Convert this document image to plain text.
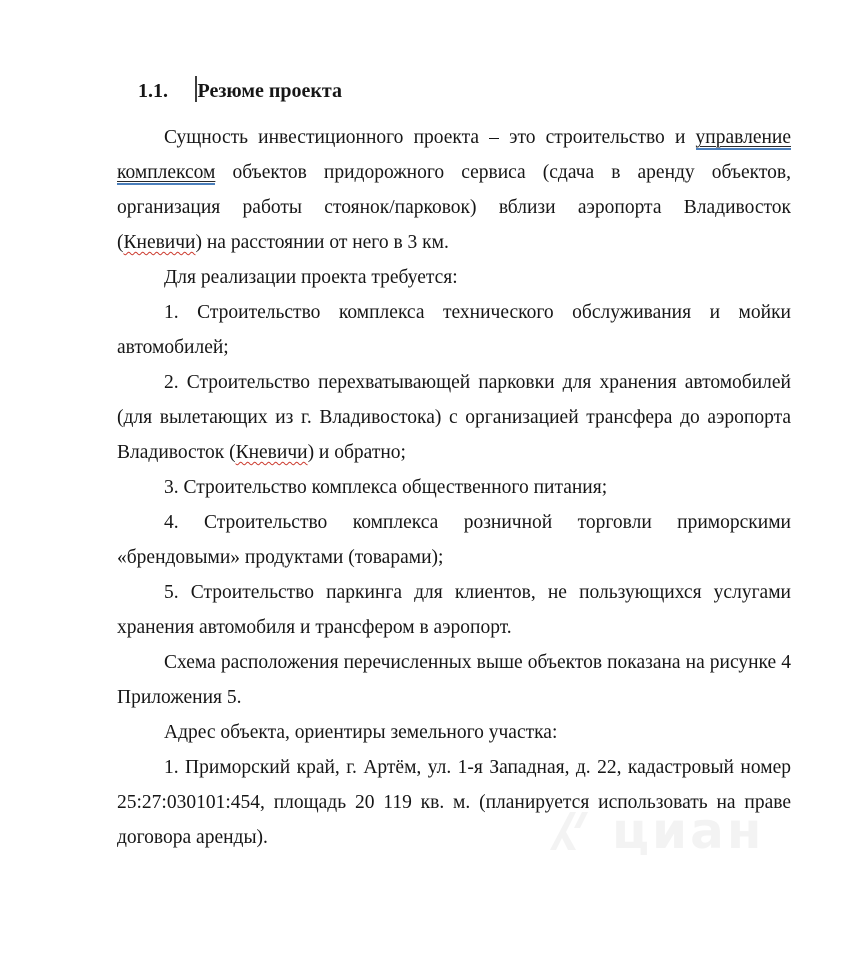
циан
1.1. Резюме проекта

Сущность инвестиционного проекта – это строительство и управление комплексом объектов придорожного сервиса (сдача в аренду объектов, организация работы стоянок/парковок) вблизи аэропорта Владивосток (Кневичи) на расстоянии от него в 3 км.

Для реализации проекта требуется:

1. Строительство комплекса технического обслуживания и мойки автомобилей;

2. Строительство перехватывающей парковки для хранения автомобилей (для вылетающих из г. Владивостока) с организацией трансфера до аэропорта Владивосток (Кневичи) и обратно;

3. Строительство комплекса общественного питания;

4. Строительство комплекса розничной торговли приморскими «брендовыми» продуктами (товарами);

5. Строительство паркинга для клиентов, не пользующихся услугами хранения автомобиля и трансфером в аэропорт.

Схема расположения перечисленных выше объектов показана на рисунке 4 Приложения 5.

Адрес объекта, ориентиры земельного участка:

1. Приморский край, г. Артём, ул. 1-я Западная, д. 22, кадастровый номер 25:27:030101:454, площадь 20 119 кв. м. (планируется использовать на праве договора аренды).
